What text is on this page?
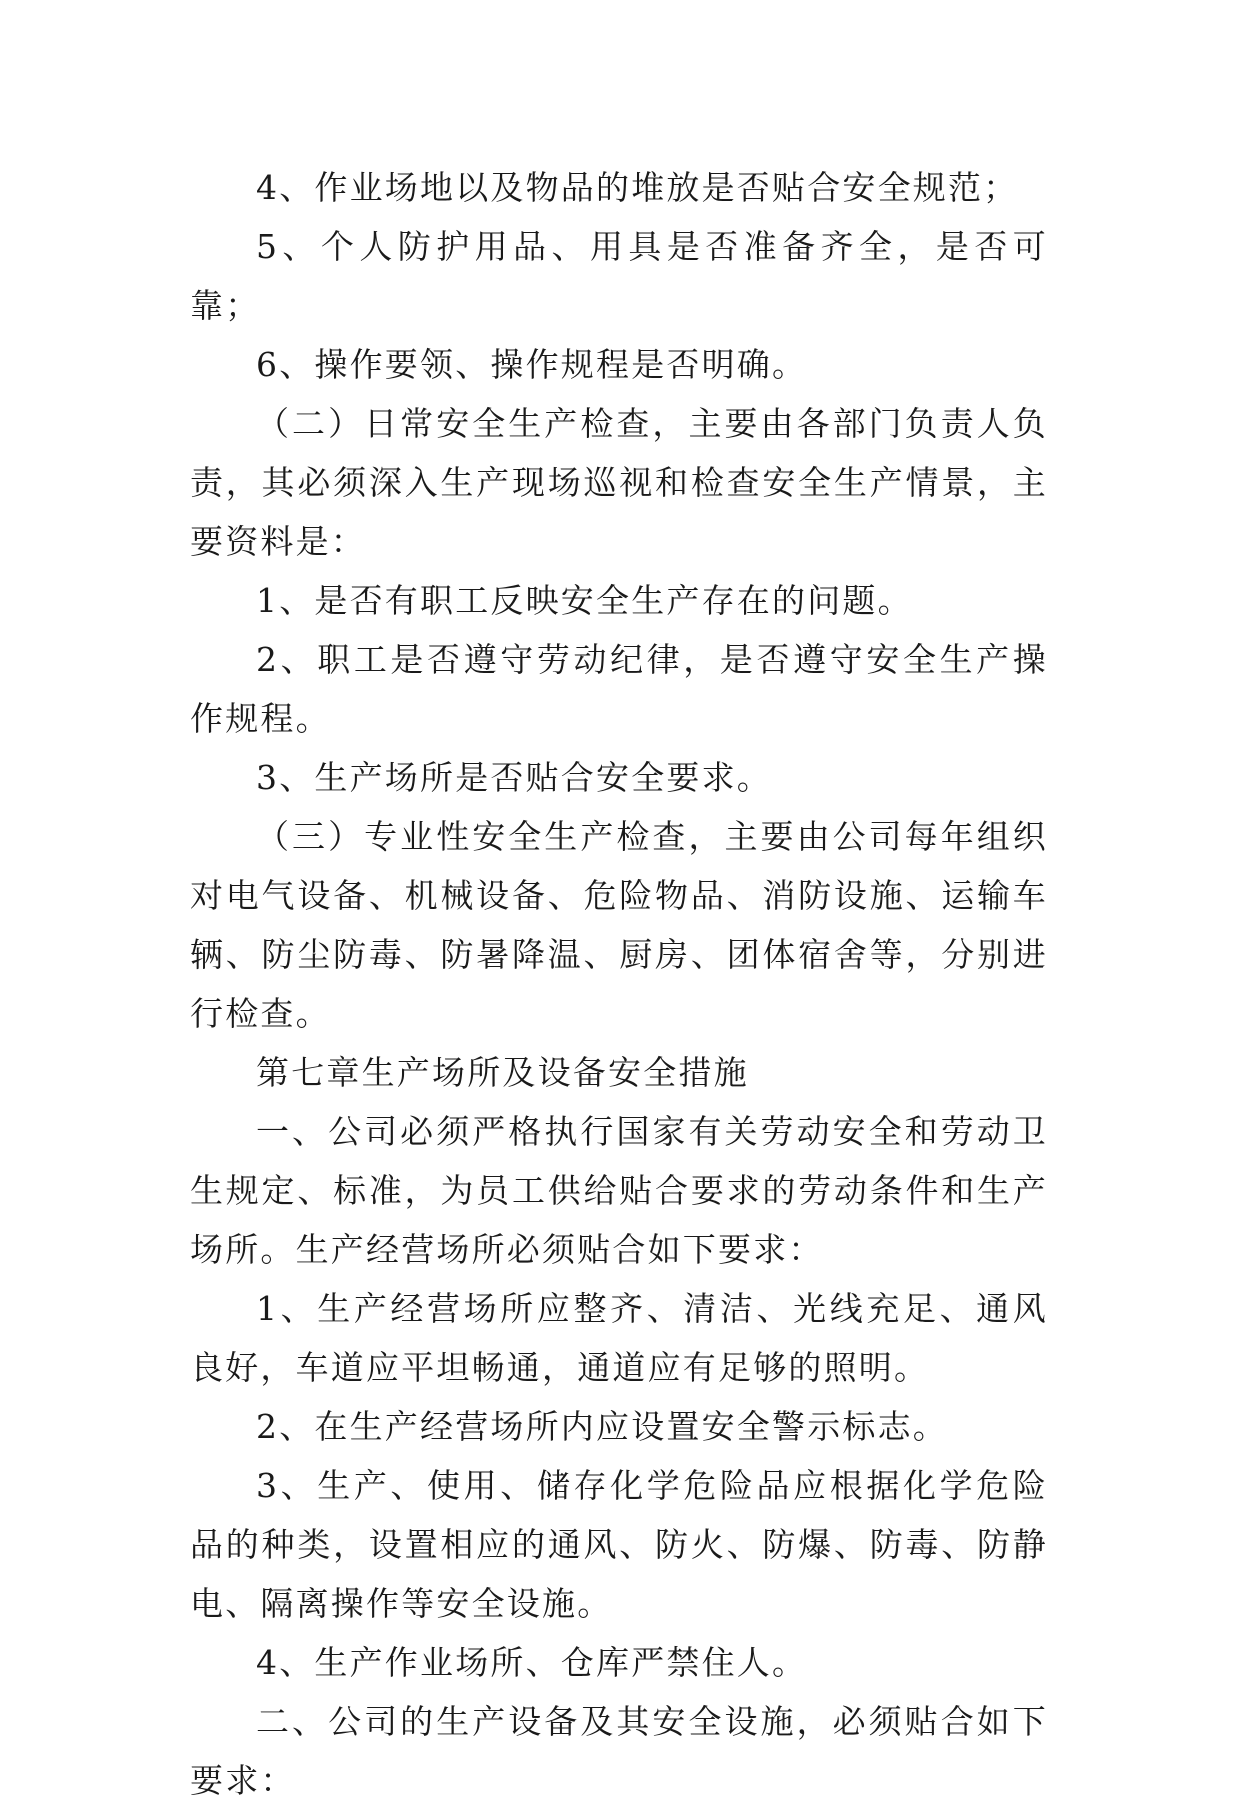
4、作业场地以及物品的堆放是否贴合安全规范；

5、个人防护用品、用具是否准备齐全，是否可靠；

6、操作要领、操作规程是否明确。

（二）日常安全生产检查，主要由各部门负责人负责，其必须深入生产现场巡视和检查安全生产情景，主要资料是：

1、是否有职工反映安全生产存在的问题。

2、职工是否遵守劳动纪律，是否遵守安全生产操作规程。

3、生产场所是否贴合安全要求。

（三）专业性安全生产检查，主要由公司每年组织对电气设备、机械设备、危险物品、消防设施、运输车辆、防尘防毒、防暑降温、厨房、团体宿舍等，分别进行检查。

第七章生产场所及设备安全措施

一、公司必须严格执行国家有关劳动安全和劳动卫生规定、标准，为员工供给贴合要求的劳动条件和生产场所。生产经营场所必须贴合如下要求：

1、生产经营场所应整齐、清洁、光线充足、通风良好，车道应平坦畅通，通道应有足够的照明。

2、在生产经营场所内应设置安全警示标志。

3、生产、使用、储存化学危险品应根据化学危险品的种类，设置相应的通风、防火、防爆、防毒、防静电、隔离操作等安全设施。

4、生产作业场所、仓库严禁住人。

二、公司的生产设备及其安全设施，必须贴合如下要求：
